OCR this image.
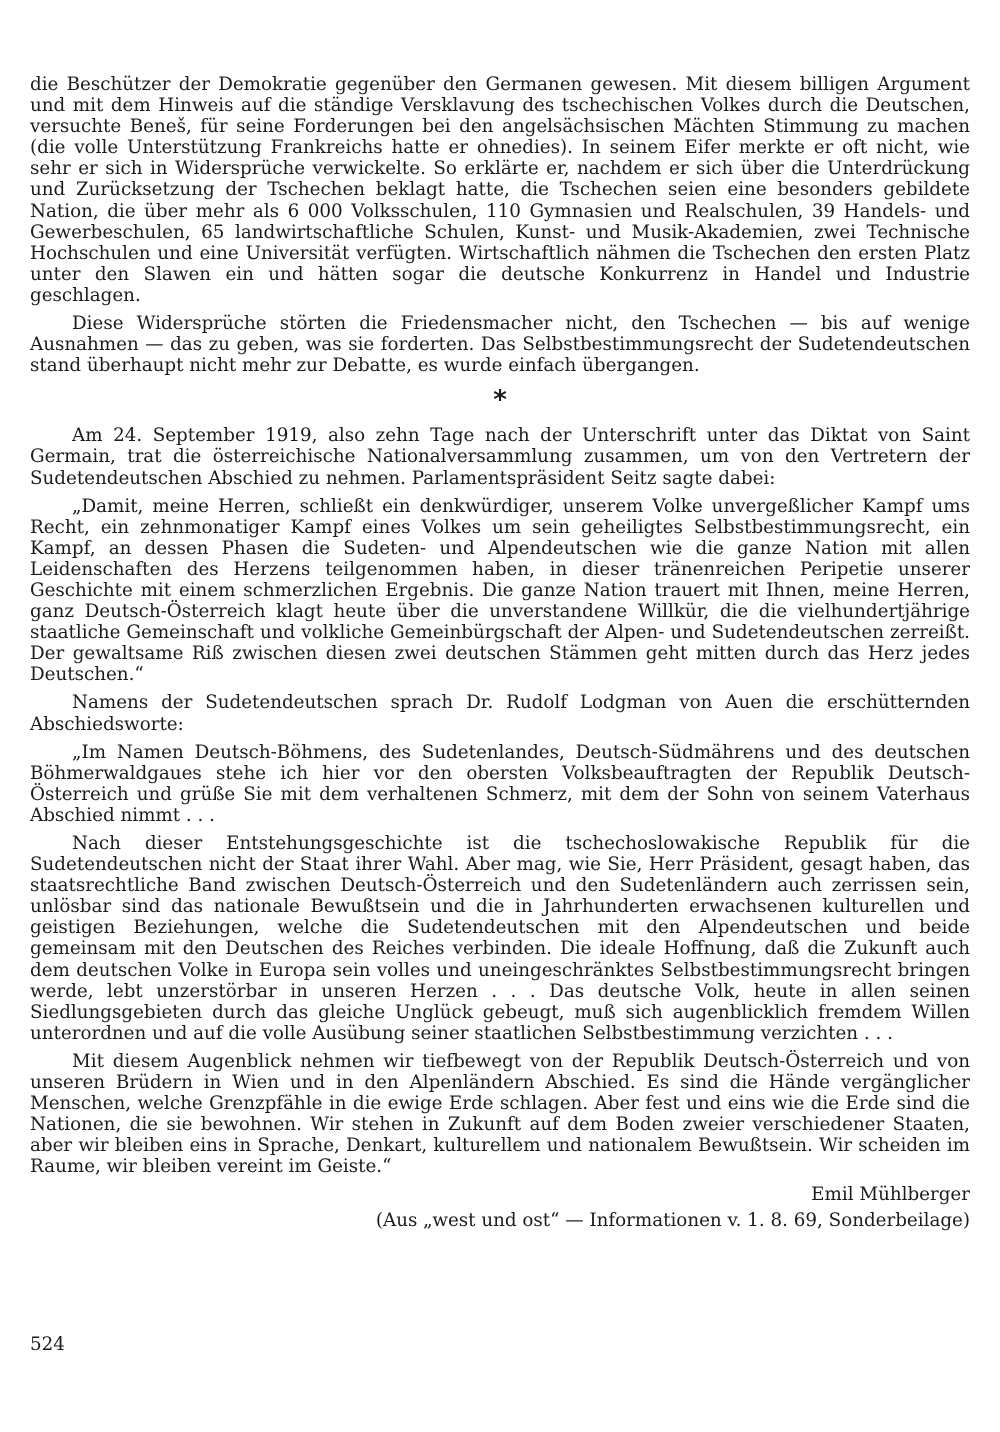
die Beschützer der Demokratie gegenüber den Germanen gewesen. Mit diesem billigen Argument und mit dem Hinweis auf die ständige Versklavung des tschechischen Volkes durch die Deutschen, versuchte Beneš, für seine Forderungen bei den angelsächsischen Mächten Stimmung zu machen (die volle Unterstützung Frankreichs hatte er ohnedies). In seinem Eifer merkte er oft nicht, wie sehr er sich in Widersprüche verwickelte. So erklärte er, nachdem er sich über die Unterdrückung und Zurücksetzung der Tschechen beklagt hatte, die Tschechen seien eine besonders gebildete Nation, die über mehr als 6 000 Volksschulen, 110 Gymnasien und Realschulen, 39 Handels- und Gewerbeschulen, 65 landwirtschaftliche Schulen, Kunst- und Musik-Akademien, zwei Technische Hochschulen und eine Universität verfügten. Wirtschaftlich nähmen die Tschechen den ersten Platz unter den Slawen ein und hätten sogar die deutsche Konkurrenz in Handel und Industrie geschlagen.

Diese Widersprüche störten die Friedensmacher nicht, den Tschechen — bis auf wenige Ausnahmen — das zu geben, was sie forderten. Das Selbstbestimmungsrecht der Sudetendeutschen stand überhaupt nicht mehr zur Debatte, es wurde einfach übergangen.

*

Am 24. September 1919, also zehn Tage nach der Unterschrift unter das Diktat von Saint Germain, trat die österreichische Nationalversammlung zusammen, um von den Vertretern der Sudetendeutschen Abschied zu nehmen. Parlamentspräsident Seitz sagte dabei:

„Damit, meine Herren, schließt ein denkwürdiger, unserem Volke unvergeßlicher Kampf ums Recht, ein zehnmonatiger Kampf eines Volkes um sein geheiligtes Selbstbestimmungsrecht, ein Kampf, an dessen Phasen die Sudeten- und Alpendeutschen wie die ganze Nation mit allen Leidenschaften des Herzens teilgenommen haben, in dieser tränenreichen Peripetie unserer Geschichte mit einem schmerzlichen Ergebnis. Die ganze Nation trauert mit Ihnen, meine Herren, ganz Deutsch-Österreich klagt heute über die unverstandene Willkür, die die vielhundertjährige staatliche Gemeinschaft und volkliche Gemeinbürgschaft der Alpen- und Sudetendeutschen zerreißt. Der gewaltsame Riß zwischen diesen zwei deutschen Stämmen geht mitten durch das Herz jedes Deutschen.“

Namens der Sudetendeutschen sprach Dr. Rudolf Lodgman von Auen die erschütternden Abschiedsworte:

„Im Namen Deutsch-Böhmens, des Sudetenlandes, Deutsch-Südmährens und des deutschen Böhmerwaldgaues stehe ich hier vor den obersten Volksbeauftragten der Republik Deutsch-Österreich und grüße Sie mit dem verhaltenen Schmerz, mit dem der Sohn von seinem Vaterhaus Abschied nimmt . . .

Nach dieser Entstehungsgeschichte ist die tschechoslowakische Republik für die Sudetendeutschen nicht der Staat ihrer Wahl. Aber mag, wie Sie, Herr Präsident, gesagt haben, das staatsrechtliche Band zwischen Deutsch-Österreich und den Sudetenländern auch zerrissen sein, unlösbar sind das nationale Bewußtsein und die in Jahrhunderten erwachsenen kulturellen und geistigen Beziehungen, welche die Sudetendeutschen mit den Alpendeutschen und beide gemeinsam mit den Deutschen des Reiches verbinden. Die ideale Hoffnung, daß die Zukunft auch dem deutschen Volke in Europa sein volles und uneingeschränktes Selbstbestimmungsrecht bringen werde, lebt unzerstörbar in unseren Herzen . . . Das deutsche Volk, heute in allen seinen Siedlungsgebieten durch das gleiche Unglück gebeugt, muß sich augenblicklich fremdem Willen unterordnen und auf die volle Ausübung seiner staatlichen Selbstbestimmung verzichten . . .

Mit diesem Augenblick nehmen wir tiefbewegt von der Republik Deutsch-Österreich und von unseren Brüdern in Wien und in den Alpenländern Abschied. Es sind die Hände vergänglicher Menschen, welche Grenzpfähle in die ewige Erde schlagen. Aber fest und eins wie die Erde sind die Nationen, die sie bewohnen. Wir stehen in Zukunft auf dem Boden zweier verschiedener Staaten, aber wir bleiben eins in Sprache, Denkart, kulturellem und nationalem Bewußtsein. Wir scheiden im Raume, wir bleiben vereint im Geiste.“

Emil Mühlberger
(Aus „west und ost“ — Informationen v. 1. 8. 69, Sonderbeilage)
524
